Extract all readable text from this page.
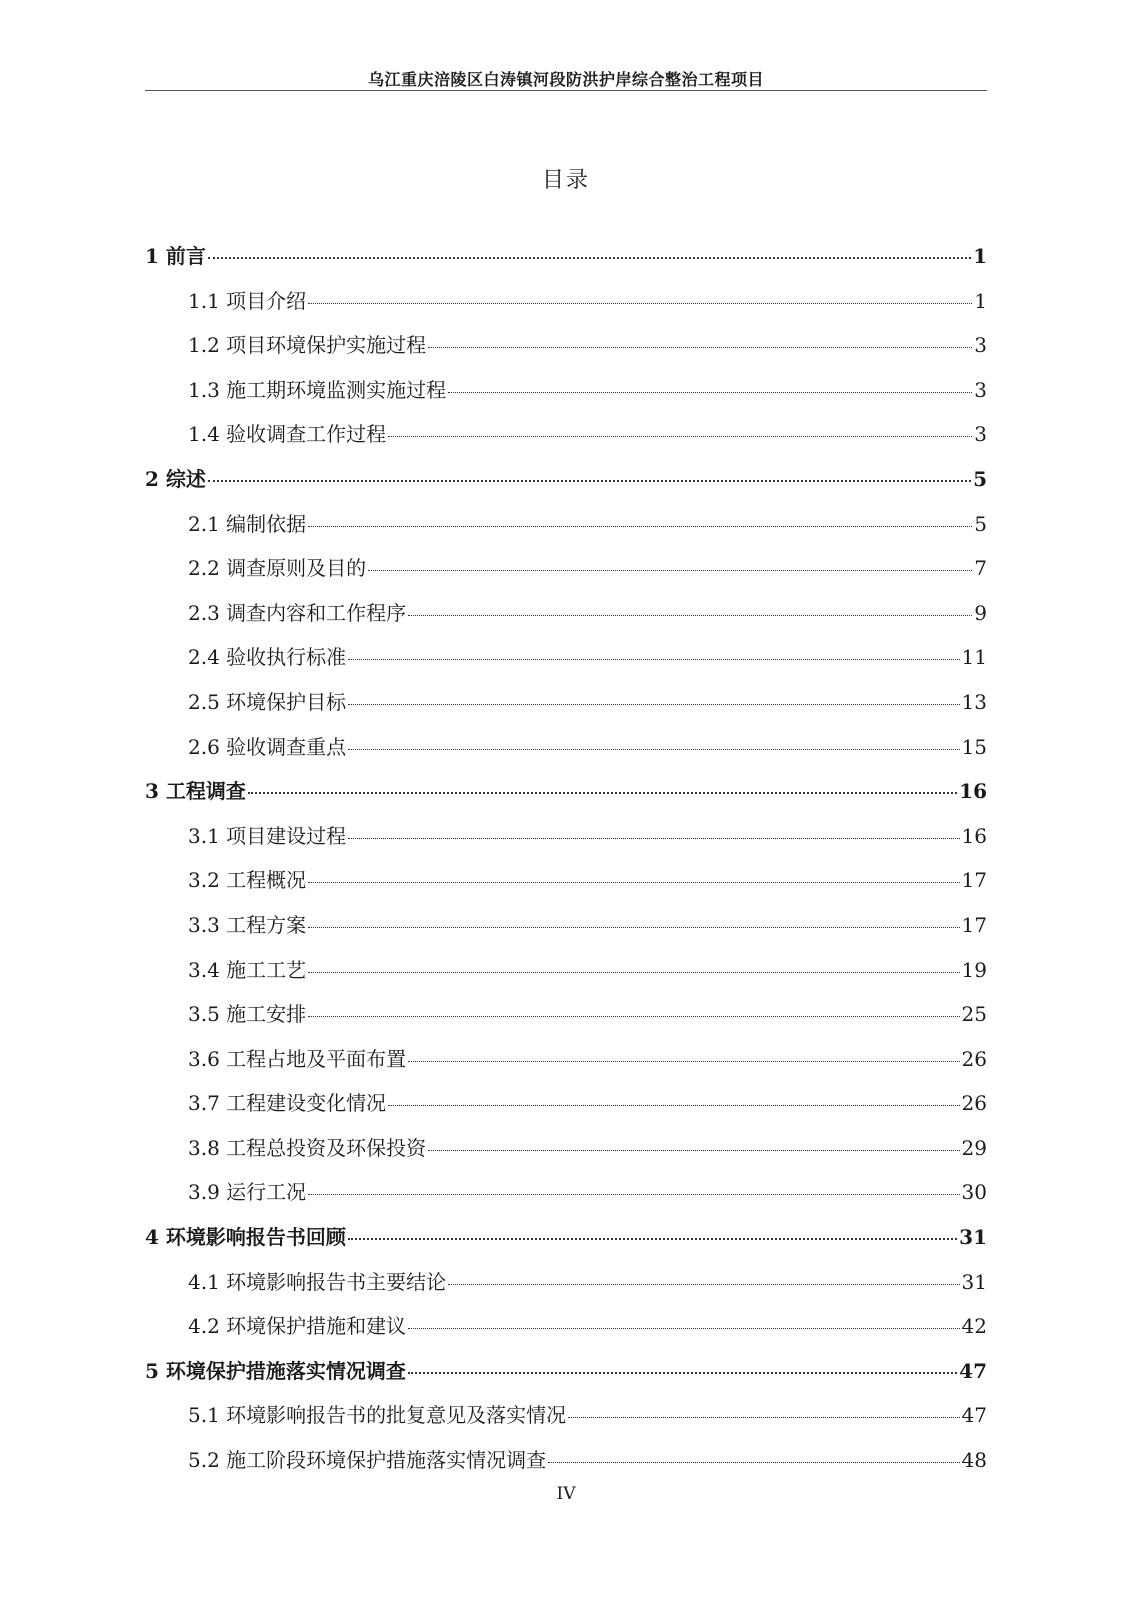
乌江重庆涪陵区白涛镇河段防洪护岸综合整治工程项目
目录
1 前言	1
1.1 项目介绍	1
1.2 项目环境保护实施过程	3
1.3 施工期环境监测实施过程	3
1.4 验收调查工作过程	3
2 综述	5
2.1 编制依据	5
2.2 调查原则及目的	7
2.3 调查内容和工作程序	9
2.4 验收执行标准	11
2.5 环境保护目标	13
2.6 验收调查重点	15
3 工程调查	16
3.1 项目建设过程	16
3.2 工程概况	17
3.3 工程方案	17
3.4 施工工艺	19
3.5 施工安排	25
3.6 工程占地及平面布置	26
3.7 工程建设变化情况	26
3.8 工程总投资及环保投资	29
3.9 运行工况	30
4 环境影响报告书回顾	31
4.1 环境影响报告书主要结论	31
4.2 环境保护措施和建议	42
5 环境保护措施落实情况调查	47
5.1 环境影响报告书的批复意见及落实情况	47
5.2 施工阶段环境保护措施落实情况调查	48
IV
